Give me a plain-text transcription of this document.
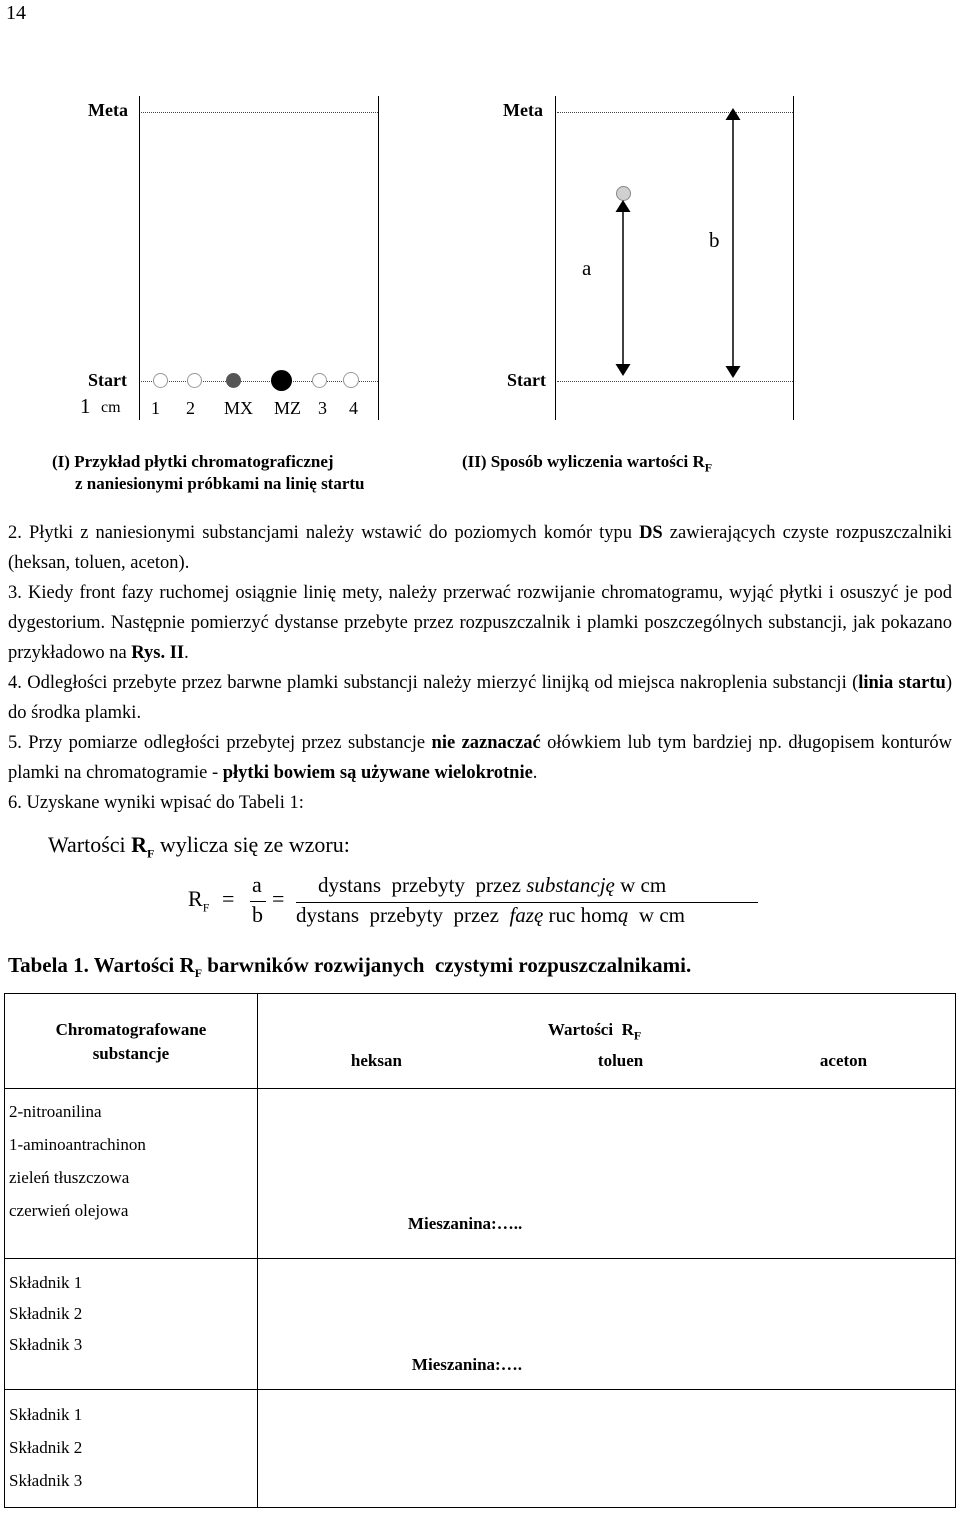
14
Meta
Start
1 cm 1 2 MX MZ 3 4
(I) Przykład płytki chromatograficznej
z naniesionymi próbkami na linię startu
Meta
Start
a
b
(II) Sposób wyliczenia wartości $R_F$

2. Płytki z naniesionymi substancjami należy wstawić do poziomych komór typu DS zawierających czyste rozpuszczalniki (heksan, toluen, aceton).

3. Kiedy front fazy ruchomej osiągnie linię mety, należy przerwać rozwijanie chromatogramu, wyjąć płytki i osuszyć je pod dygestorium. Następnie pomierzyć dystanse przebyte przez rozpuszczalnik i plamki poszczególnych substancji, jak pokazano przykładowo na Rys. II.

4. Odległości przebyte przez barwne plamki substancji należy mierzyć linijką od miejsca nakroplenia substancji (linia startu) do środka plamki.

5. Przy pomiarze odległości przebytej przez substancje nie zaznaczać ołówkiem lub tym bardziej np. długopisem konturów plamki na chromatogramie - płytki bowiem są używane wielokrotnie.

6. Uzyskane wyniki wpisać do Tabeli 1:

Wartości $R_F$ wylicza się ze wzoru:
$R_F$ =
a
b
=
dystans  przebyty  przez substancję w cm
dystans  przebyty  przez  fazę ruc homą  w cm
Tabela 1. Wartości $R_F$ barwników rozwijanych  czystymi rozpuszczalnikami.
Chromatografowane substancje	Wartości  $R_F$
heksan toluen aceton

2-nitroanilina
1-aminoantrachinon
zieleń tłuszczowa
czerwień olejowa	Mieszanina:…..

Składnik 1
Składnik 2
Składnik 3	Mieszanina:….

Składnik 1
Składnik 2
Składnik 3	
